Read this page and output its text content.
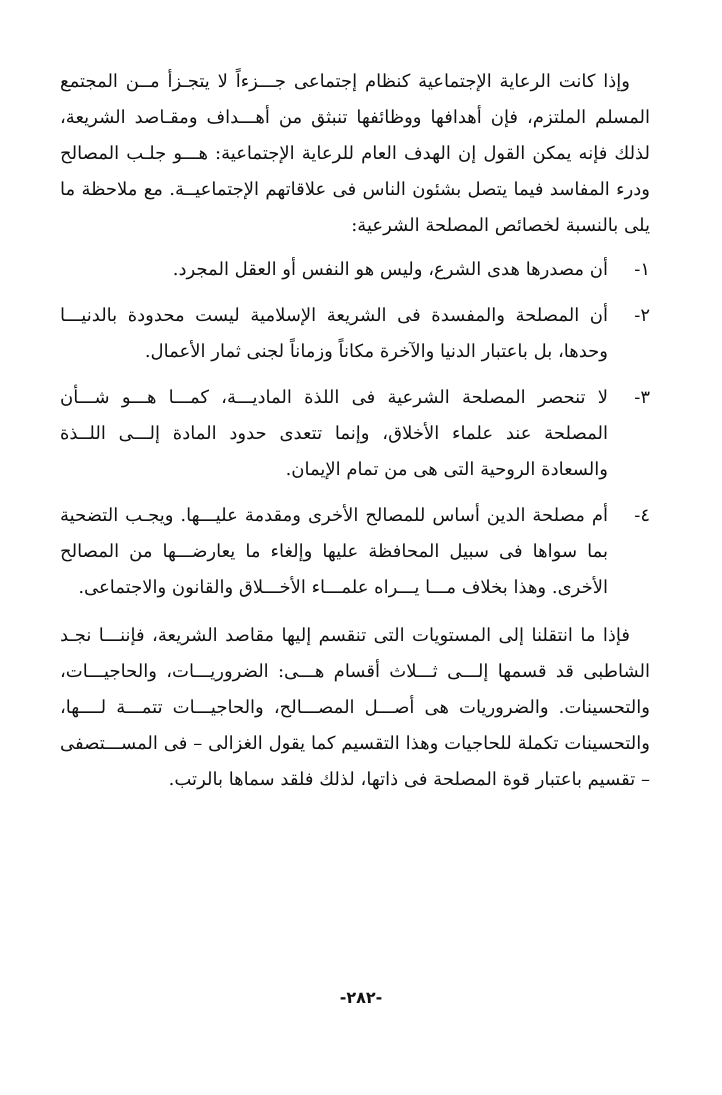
وإذا كانت الرعاية الإجتماعية كنظام إجتماعى جـــزءاً لا يتجـزأ مــن المجتمع المسلم الملتزم، فإن أهدافها ووظائفها تنبثق من أهـــداف ومقـاصد الشريعة، لذلك فإنه يمكن القول إن الهدف العام للرعاية الإجتماعية: هـــو جلـب المصالح ودرء المفاسد فيما يتصل بشئون الناس فى علاقاتهم الإجتماعيــة. مع ملاحظة ما يلى بالنسبة لخصائص المصلحة الشرعية:

١-
أن مصدرها هدى الشرع، وليس هو النفس أو العقل المجرد.
٢-
أن المصلحة والمفسدة فى الشريعة الإسلامية ليست محدودة بالدنيـــا وحدها، بل باعتبار الدنيا والآخرة مكاناً وزماناً لجنى ثمار الأعمال.
٣-
لا تنحصر المصلحة الشرعية فى اللذة الماديـــة، كمـــا هـــو شـــأن المصلحة عند علماء الأخلاق، وإنما تتعدى حدود المادة إلـــى اللــذة والسعادة الروحية التى هى من تمام الإيمان.
٤-
أم مصلحة الدين أساس للمصالح الأخرى ومقدمة عليـــها. ويجـب التضحية بما سواها فى سبيل المحافظة عليها وإلغاء ما يعارضـــها من المصالح الأخرى. وهذا بخلاف مـــا يـــراه علمـــاء الأخـــلاق والقانون والاجتماعى.

فإذا ما انتقلنا إلى المستويات التى تنقسم إليها مقاصد الشريعة، فإننـــا نجـد الشاطبى قد قسمها إلـــى ثـــلاث أقسام هـــى: الضروريـــات، والحاجيـــات، والتحسينات. والضروريات هى أصـــل المصـــالح، والحاجيـــات تتمـــة لــــها، والتحسينات تكملة للحاجيات وهذا التقسيم كما يقول الغزالى – فى المســـتصفى – تقسيم باعتبار قوة المصلحة فى ذاتها، لذلك فلقد سماها بالرتب.

-٢٨٢-
